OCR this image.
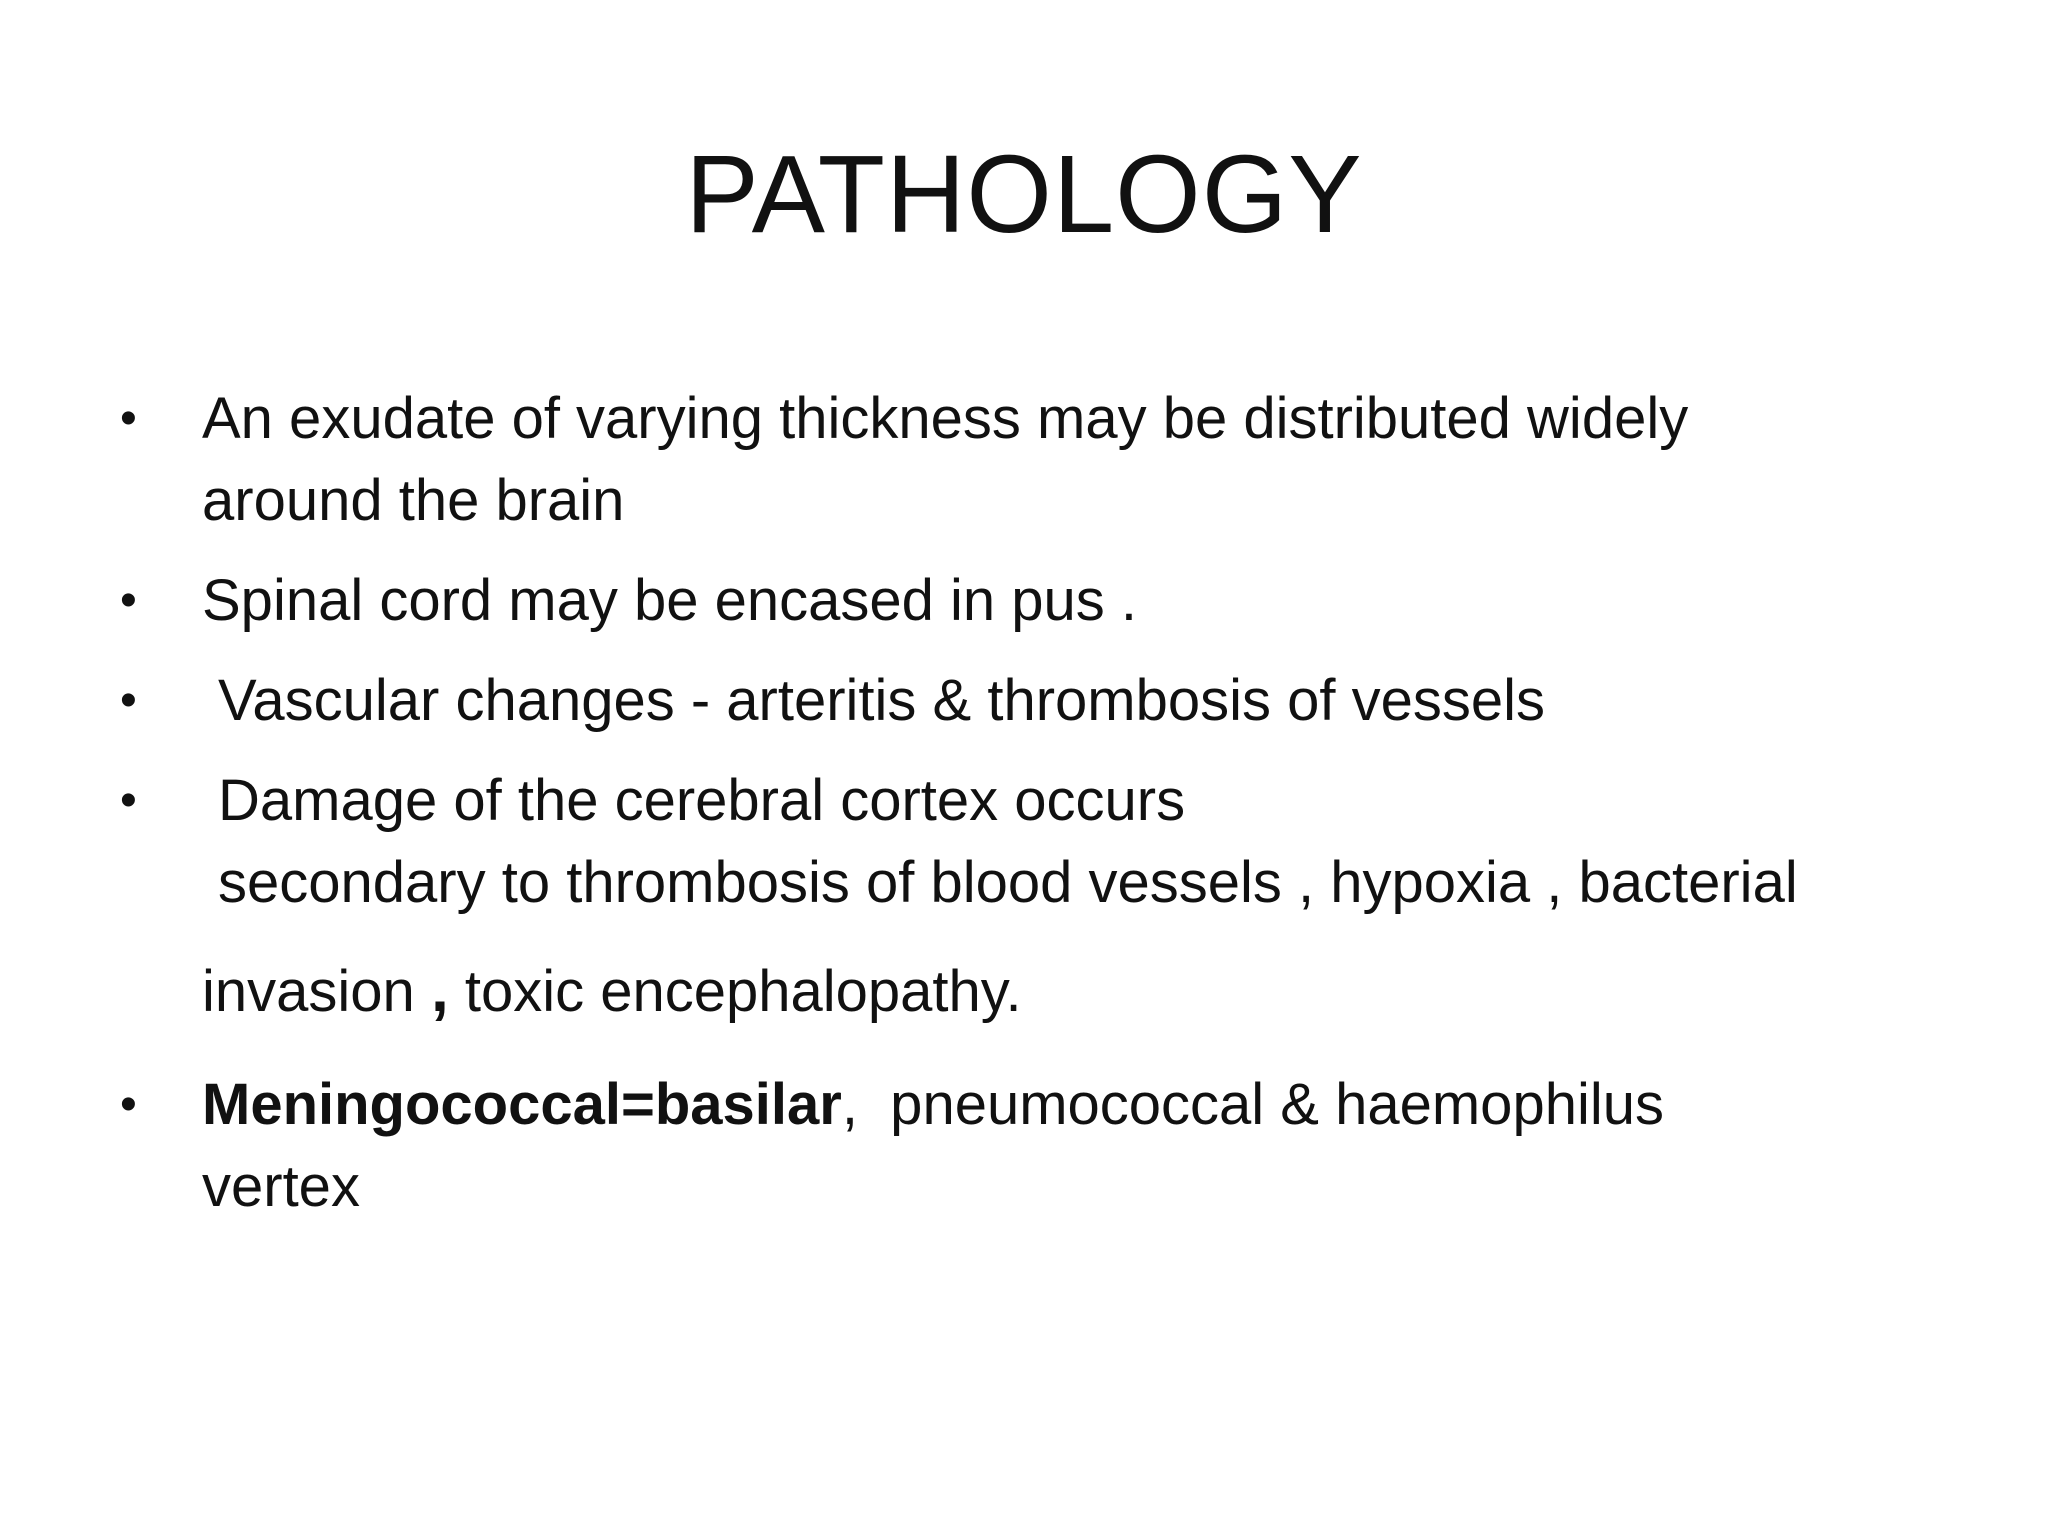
PATHOLOGY
• An exudate of varying thickness may be distributed widely
around the brain
• Spinal cord may be encased in pus .
• Vascular changes - arteritis & thrombosis of vessels
• Damage of the cerebral cortex occurs
secondary to thrombosis of blood vessels , hypoxia , bacterial
invasion , toxic encephalopathy.
• Meningococcal=basilar,  pneumococcal & haemophilus
vertex
